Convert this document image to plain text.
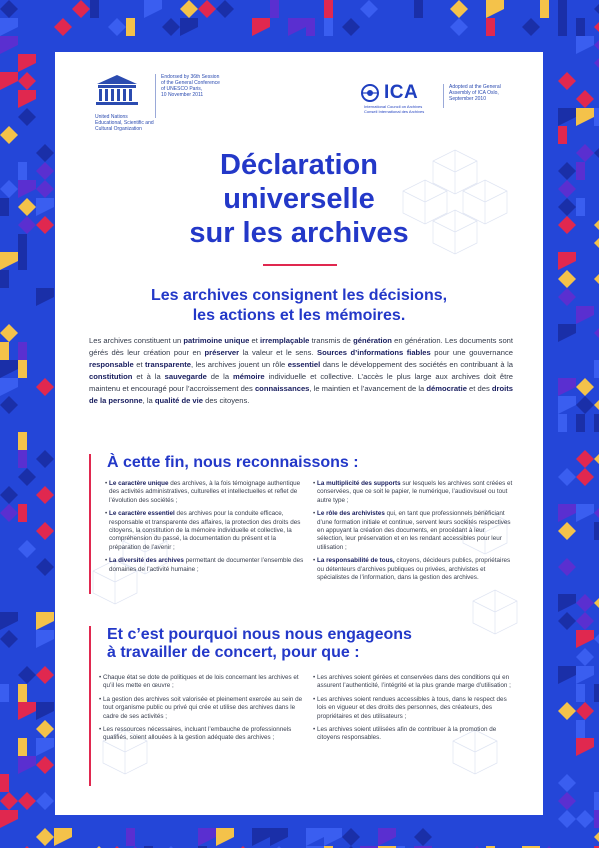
United Nations
Educational, Scientific and
Cultural Organization
Endorsed by 36th Session
of the General Conference
of UNESCO Paris,
10 November 2011	ICA
International Council on Archives
Conseil International des Archives
Adopted at the General
Assembly of ICA Oslo,
September 2010
Déclaration
universelle
sur les archives
Les archives consignent les décisions,
les actions et les mémoires.
Les archives constituent un patrimoine unique et irremplaçable transmis de génération en génération. Les documents sont gérés dès leur création pour en préserver la valeur et le sens. Sources d’informations fiables pour une gouvernance responsable et transparente, les archives jouent un rôle essentiel dans le développement des sociétés en contribuant à la constitution et à la sauvegarde de la mémoire individuelle et collective. L’accès le plus large aux archives doit être maintenu et encouragé pour l’accroissement des connaissances, le maintien et l’avancement de la démocratie et des droits de la personne, la qualité de vie des citoyens.
À cette fin, nous reconnaissons :
• Le caractère unique des archives, à la fois témoignage authentique des activités administratives, culturelles et intellectuelles et reflet de l’évolution des sociétés ;
• Le caractère essentiel des archives pour la conduite efficace, responsable et transparente des affaires, la protection des droits des citoyens, la constitution de la mémoire individuelle et collective, la compréhension du passé, la documentation du présent et la préparation de l’avenir ;
• La diversité des archives permettant de documenter l’ensemble des domaines de l’activité humaine ;
• La multiplicité des supports sur lesquels les archives sont créées et conservées, que ce soit le papier, le numérique, l’audiovisuel ou tout autre type ;
• Le rôle des archivistes qui, en tant que professionnels bénéficiant d’une formation initiale et continue, servent leurs sociétés respectives en appuyant la création des documents, en procédant à leur sélection, leur préservation et en les rendant accessibles pour leur utilisation ;
• La responsabilité de tous, citoyens, décideurs publics, propriétaires ou détenteurs d’archives publiques ou privées, archivistes et spécialistes de l’information, dans la gestion des archives.
Et c’est pourquoi nous nous engageons
à travailler de concert, pour que :
• Chaque état se dote de politiques et de lois concernant les archives et qu’il les mette en œuvre ;
• La gestion des archives soit valorisée et pleinement exercée au sein de tout organisme public ou privé qui crée et utilise des archives dans le cadre de ses activités ;
• Les ressources nécessaires, incluant l’embauche de professionnels qualifiés, soient allouées à la gestion adéquate des archives ;
• Les archives soient gérées et conservées dans des conditions qui en assurent l’authenticité, l’intégrité et la plus grande marge d’utilisation ;
• Les archives soient rendues accessibles à tous, dans le respect des lois en vigueur et des droits des personnes, des créateurs, des propriétaires et des utilisateurs ;
• Les archives soient utilisées afin de contribuer à la promotion de citoyens responsables.
